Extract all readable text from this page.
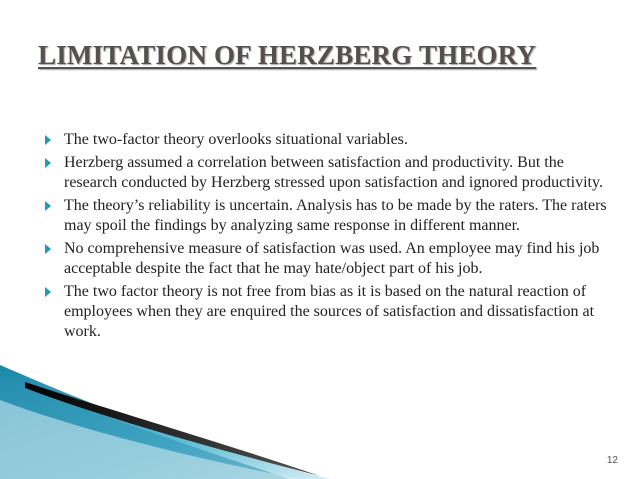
LIMITATION OF HERZBERG THEORY
The two-factor theory overlooks situational variables.
Herzberg assumed a correlation between satisfaction and productivity. But the research conducted by Herzberg stressed upon satisfaction and ignored productivity.
The theory’s reliability is uncertain. Analysis has to be made by the raters. The raters may spoil the findings by analyzing same response in different manner.
No comprehensive measure of satisfaction was used. An employee may find his job acceptable despite the fact that he may hate/object part of his job.
The two factor theory is not free from bias as it is based on the natural reaction of employees when they are enquired the sources of satisfaction and dissatisfaction at work.
12
